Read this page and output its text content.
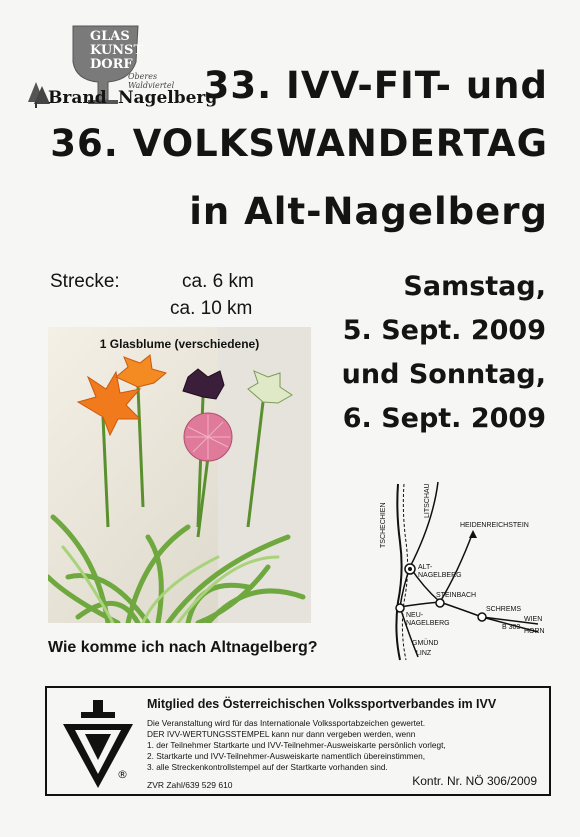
GLAS KUNST DORF
Oberes Waldviertel
Brand Nagelberg
33. IVV-FIT- und
36. VOLKSWANDERTAG
in Alt-Nagelberg
Strecke:	ca. 6 km
ca. 10 km
Samstag,
5. Sept. 2009
und Sonntag,
6. Sept. 2009
1 Glasblume (verschiedene)
LITSCHAU
TSCHECHIEN	HEIDENREICHSTEIN
ALT-
NAGELBERG
STEINBACH
SCHREMS
NEU-
NAGELBERG
WIEN
B 303
HORN
GMÜND
LINZ
Wie komme ich nach Altnagelberg?
®
Mitglied des Österreichischen Volkssportverbandes im IVV
Die Veranstaltung wird für das Internationale Volkssportabzeichen gewertet.
DER IVV-WERTUNGSSTEMPEL kann nur dann vergeben werden, wenn
1. der Teilnehmer Startkarte und IVV-Teilnehmer-Ausweiskarte persönlich vorlegt,
2. Startkarte und IVV-Teilnehmer-Ausweiskarte namentlich übereinstimmen,
3. alle Streckenkontrollstempel auf der Startkarte vorhanden sind.
ZVR Zahl/639 529 610	Kontr. Nr. NÖ 306/2009
